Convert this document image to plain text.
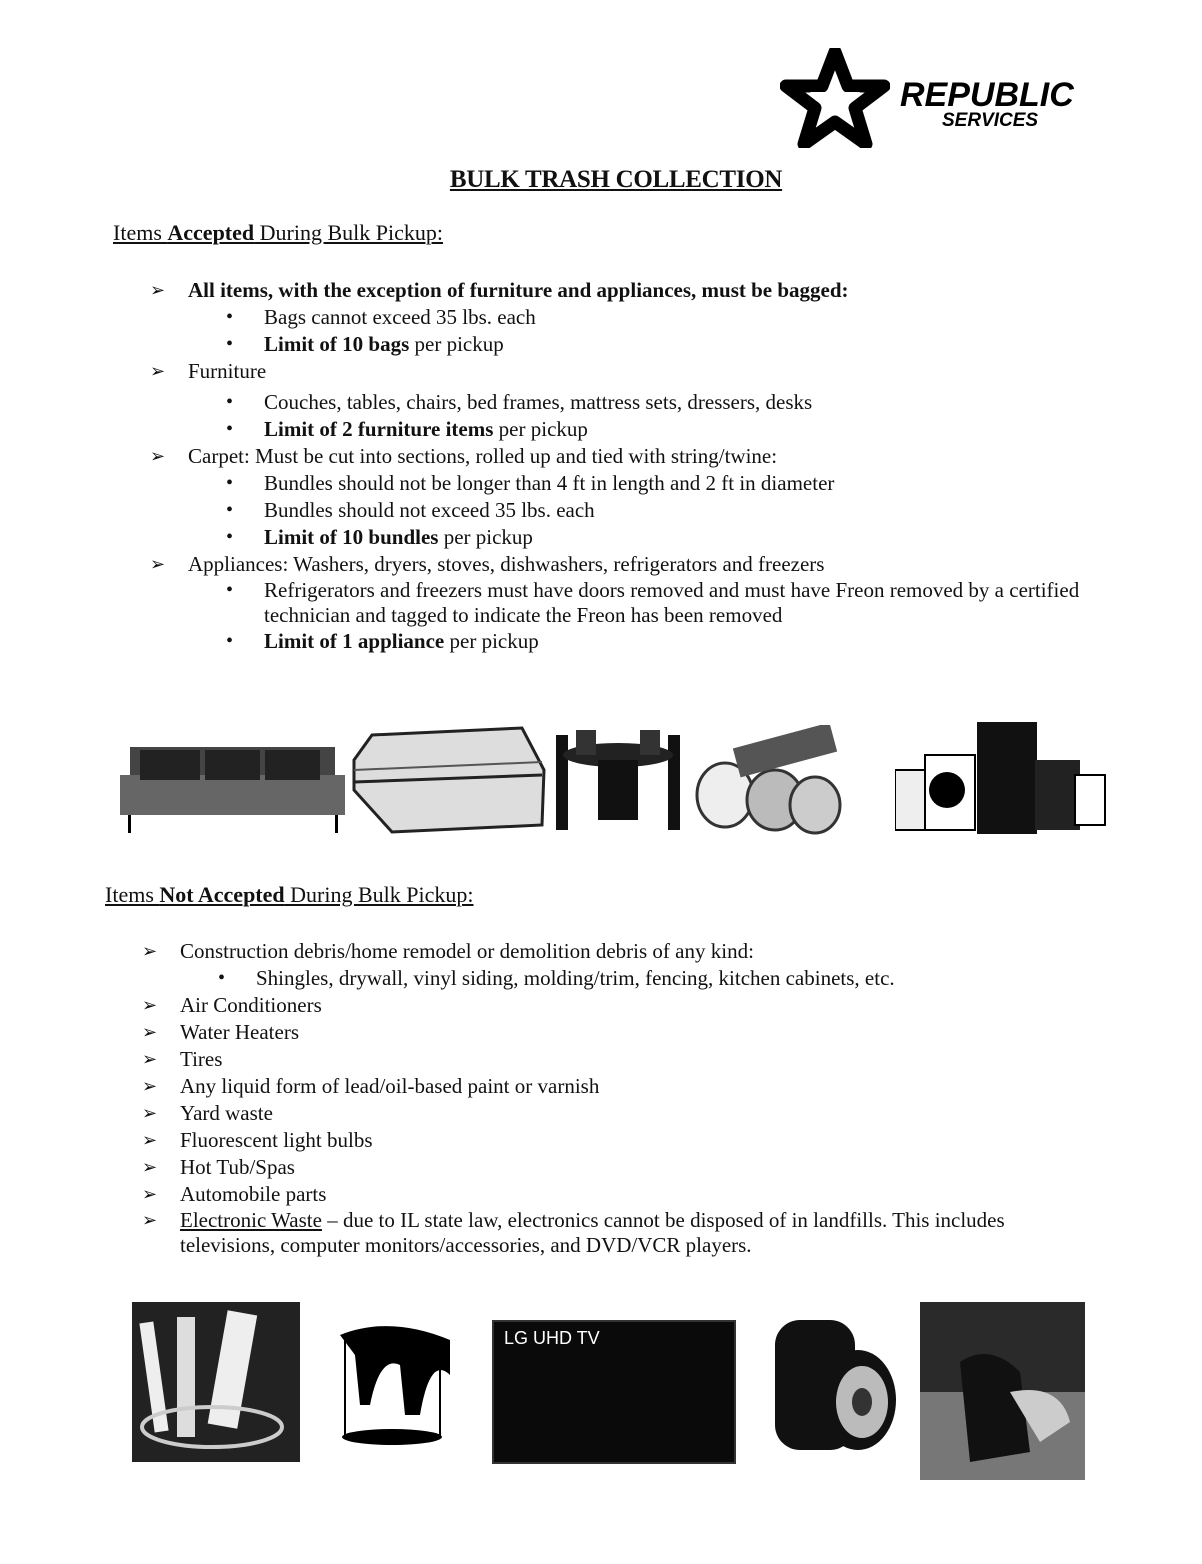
REPUBLIC
SERVICES
BULK TRASH COLLECTION
Items Accepted During Bulk Pickup:
➢ All items, with the exception of furniture and appliances, must be bagged:
• Bags cannot exceed 35 lbs. each
• Limit of 10 bags per pickup
➢ Furniture
• Couches, tables, chairs, bed frames, mattress sets, dressers, desks
• Limit of 2 furniture items per pickup
➢ Carpet: Must be cut into sections, rolled up and tied with string/twine:
• Bundles should not be longer than 4 ft in length and 2 ft in diameter
• Bundles should not exceed 35 lbs. each
• Limit of 10 bundles per pickup
➢ Appliances: Washers, dryers, stoves, dishwashers, refrigerators and freezers
• Refrigerators and freezers must have doors removed and must have Freon removed by a certified technician and tagged to indicate the Freon has been removed
• Limit of 1 appliance per pickup
Items Not Accepted During Bulk Pickup:
➢ Construction debris/home remodel or demolition debris of any kind:
• Shingles, drywall, vinyl siding, molding/trim, fencing, kitchen cabinets, etc.
➢ Air Conditioners
➢ Water Heaters
➢ Tires
➢ Any liquid form of lead/oil-based paint or varnish
➢ Yard waste
➢ Fluorescent light bulbs
➢ Hot Tub/Spas
➢ Automobile parts
➢ Electronic Waste – due to IL state law, electronics cannot be disposed of in landfills. This includes televisions, computer monitors/accessories, and DVD/VCR players.
LG UHD TV
